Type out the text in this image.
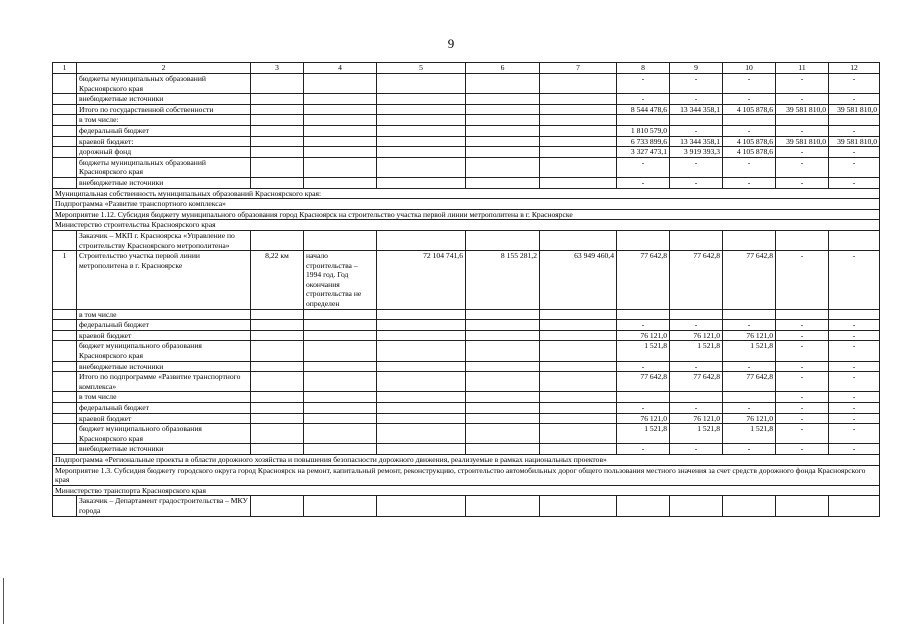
9
1	2	3	4	5	6	7	8	9	10	11	12
	бюджеты муниципальных образований Красноярского края						-	-	-	-	-
	внебюджетные источники						-	-	-	-	-
	Итого по государственной собственности						8 544 478,6	13 344 358,1	4 105 878,6	39 581 810,0	39 581 810,0
	в том числе:										
	федеральный бюджет						1 810 579,0	-	-	-	-
	краевой бюджет:						6 733 899,6	13 344 358,1	4 105 878,6	39 581 810,0	39 581 810,0
	дорожный фонд						3 327 473,1	3 919 393,3	4 105 878,6	-	-
	бюджеты муниципальных образований Красноярского края						-	-	-	-	-
	внебюджетные источники						-	-	-	-	-
Муниципальная собственность муниципальных образований Красноярского края:											
Подпрограмма «Развитие транспортного комплекса»											
Мероприятие 1.12. Субсидия бюджету муниципального образования город Красноярск на строительство участка первой линии метрополитена в г. Красноярске											
Министерство строительства Красноярского края											
	Заказчик – МКП г. Красноярска «Управление по строительству Красноярского метрополитена»										
1	Строительство участка первой линии метрополитена в г. Красноярске	8,22 км	начало строительства – 1994 год. Год окончания строительства не определен	72 104 741,6	8 155 281,2	63 949 460,4	77 642,8	77 642,8	77 642,8	-	-
	в том числе										
	федеральный бюджет						-	-	-	-	-
	краевой бюджет						76 121,0	76 121,0	76 121,0	-	-
	бюджет муниципального образования Красноярского края						1 521,8	1 521,8	1 521,8	-	-
	внебюджетные источники						-	-	-	-	-
	Итого по подпрограмме «Развитие транспортного комплекса»						77 642,8	77 642,8	77 642,8	-	-
	в том числе									-	-
	федеральный бюджет						-	-	-	-	-
	краевой бюджет						76 121,0	76 121,0	76 121,0	-	-
	бюджет муниципального образования Красноярского края						1 521,8	1 521,8	1 521,8	-	-
	внебюджетные источники						-	-	-	-	-
Подпрограмма «Региональные проекты в области дорожного хозяйства и повышения безопасности дорожного движения, реализуемые в рамках национальных проектов»											
Мероприятие 1.3. Субсидия бюджету городского округа город Красноярск на ремонт, капитальный ремонт, реконструкцию, строительство автомобильных дорог общего пользования местного значения за счет средств дорожного фонда Красноярского края											
Министерство транспорта Красноярского края											
	Заказчик – Департамент градостроительства – МКУ города										
